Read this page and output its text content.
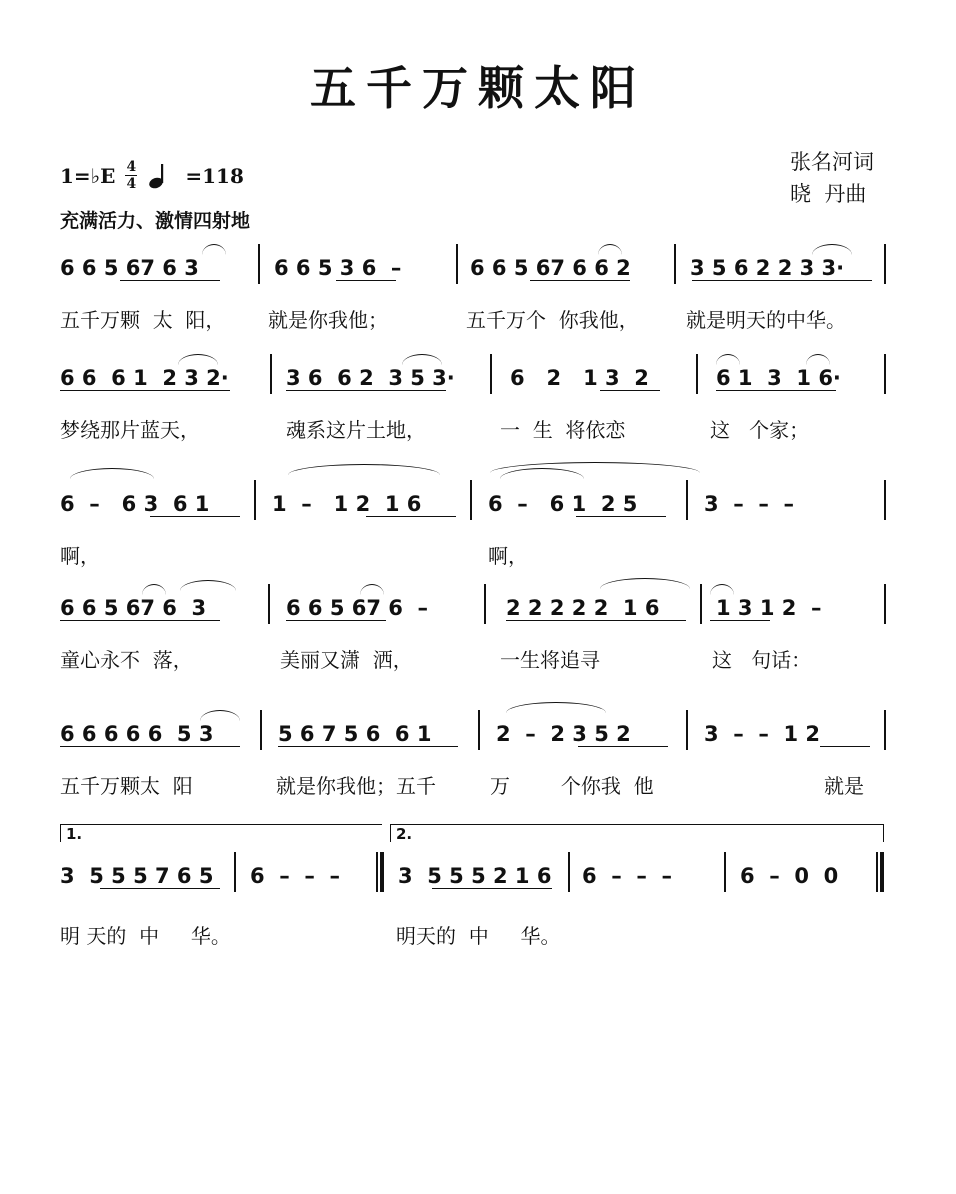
五千万颗太阳
张名河词
晓  丹曲
1=♭E 4
4 =118
充满活力、激情四射地

6 6 5 67 6 3

	6 6 5 3 6  –

	6 6 5 67 6 6 2

	3 5 6 2 2 3 3·

五千万颗  太  阳，

就是你我他；

	五千万个  你我他，

就是明天的中华。

6 6  6 1  2 3 2·

	3 6  6 2  3 5 3·

	6   2   1 3  2

	6 1  3  1 6·

梦绕那片蓝天，

	魂系这片土地，

	一  生  将依恋

	这   个家；

6  –   6 3  6 1

	1  –   1 2  1 6

	6  –   6 1  2 5

	3  –  –  –

啊，

	啊，

6 6 5 67 6  3

	6 6 5 67 6  –

	2 2 2 2 2  1 6

	1 3 1 2  –

童心永不  落，

	美丽又潇  洒，

	一生将追寻

	这   句话：

6 6 6 6 6  5 3

	5 6 7 5 6  6 1

	2  –  2 3 5 2

	3  –  –  1 2

五千万颗太  阳

	就是你我他；五千

	万        个你我  他

	就是

1.	2.

3  5 5 5 7 6 5

6  –  –  –

	3  5 5 5 2 1 6

6  –  –  –

	6  –  0  0

明 天的  中     华。

	明天的  中     华。
